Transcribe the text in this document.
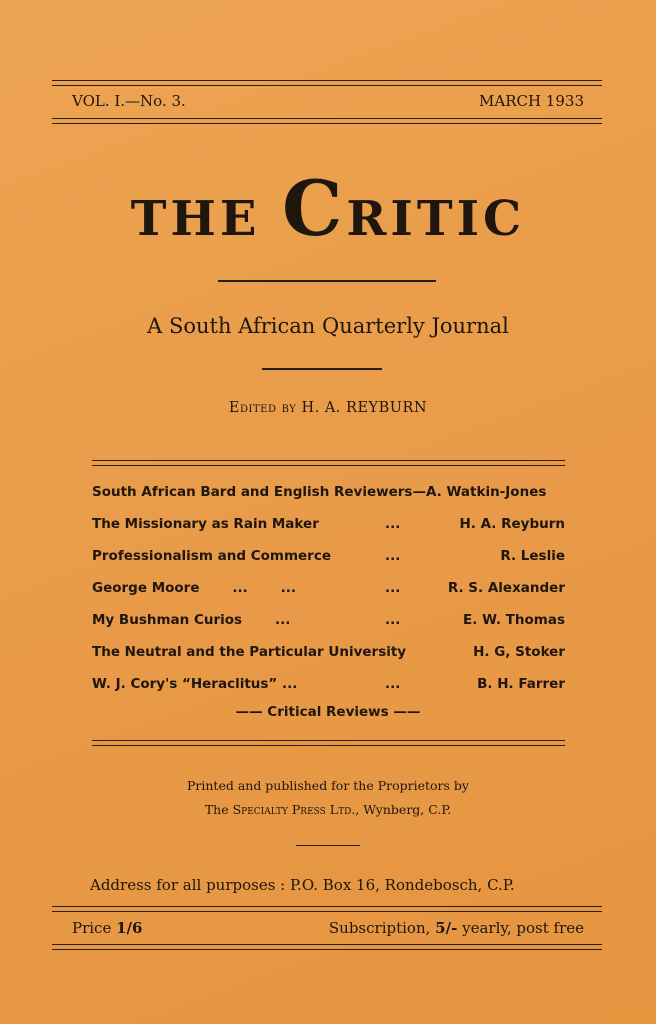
VOL. I.—No. 3.	MARCH 1933
THE CRITIC
A South African Quarterly Journal
Edited by H. A. REYBURN
South African Bard and English Reviewers—A. Watkin-Jones
The Missionary as Rain Maker	...	H. A. Reyburn
Professionalism and Commerce	...	R. Leslie
George Moore       ...       ...	...	R. S. Alexander
My Bushman Curios       ...	...	E. W. Thomas
The Neutral and the Particular University	H. G, Stoker
W. J. Cory's “Heraclitus” ...	...	B. H. Farrer
—— Critical Reviews ——
Printed and published for the Proprietors by
The Specialty Press Ltd., Wynberg, C.P.
Address for all purposes : P.O. Box 16, Rondebosch, C.P.
Price 1/6	Subscription, 5/- yearly, post free
